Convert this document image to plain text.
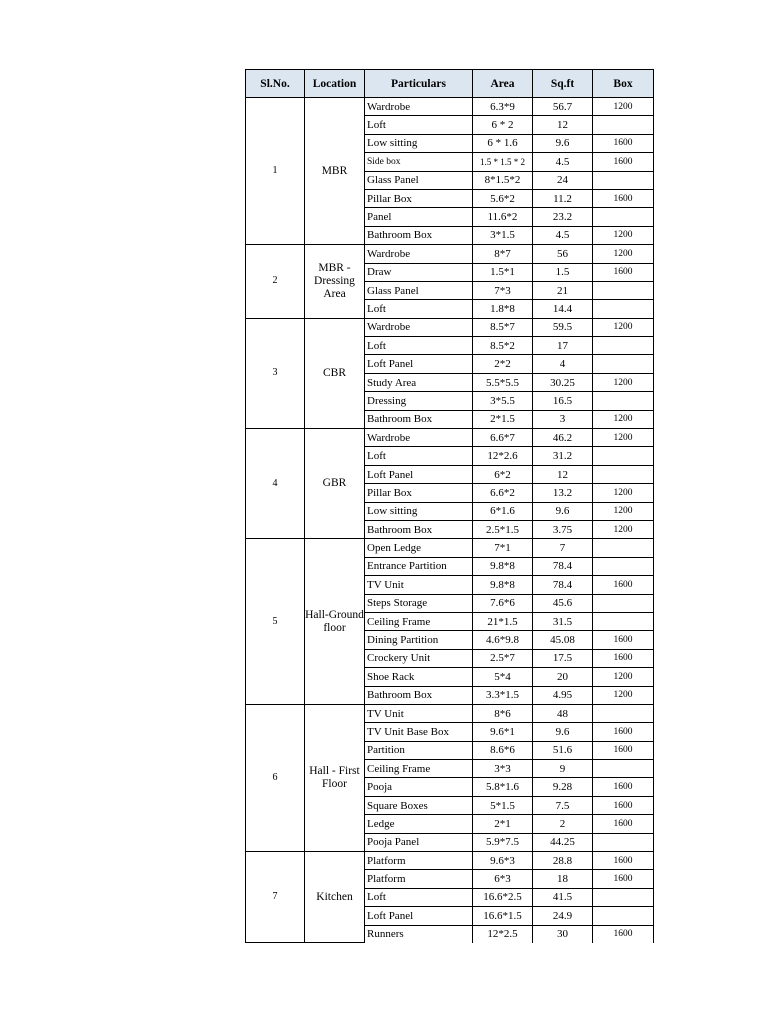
Sl.No.	Location	Particulars	Area	Sq.ft	Box
1	MBR	Wardrobe	6.3*9	56.7	1200
		Loft	6 * 2	12	
		Low sitting	6 * 1.6	9.6	1600
		Side box	1.5 * 1.5 * 2	4.5	1600
		Glass Panel	8*1.5*2	24	
		Pillar Box	5.6*2	11.2	1600
		Panel	11.6*2	23.2	
		Bathroom Box	3*1.5	4.5	1200
2	MBR - Dressing Area	Wardrobe	8*7	56	1200
		Draw	1.5*1	1.5	1600
		Glass Panel	7*3	21	
		Loft	1.8*8	14.4	
3	CBR	Wardrobe	8.5*7	59.5	1200
		Loft	8.5*2	17	
		Loft Panel	2*2	4	
		Study Area	5.5*5.5	30.25	1200
		Dressing	3*5.5	16.5	
		Bathroom Box	2*1.5	3	1200
4	GBR	Wardrobe	6.6*7	46.2	1200
		Loft	12*2.6	31.2	
		Loft Panel	6*2	12	
		Pillar Box	6.6*2	13.2	1200
		Low sitting	6*1.6	9.6	1200
		Bathroom Box	2.5*1.5	3.75	1200
5	Hall-Ground floor	Open Ledge	7*1	7	
		Entrance Partition	9.8*8	78.4	
		TV Unit	9.8*8	78.4	1600
		Steps Storage	7.6*6	45.6	
		Ceiling Frame	21*1.5	31.5	
		Dining Partition	4.6*9.8	45.08	1600
		Crockery Unit	2.5*7	17.5	1600
		Shoe Rack	5*4	20	1200
		Bathroom Box	3.3*1.5	4.95	1200
6	Hall - First Floor	TV Unit	8*6	48	
		TV Unit Base Box	9.6*1	9.6	1600
		Partition	8.6*6	51.6	1600
		Ceiling Frame	3*3	9	
		Pooja	5.8*1.6	9.28	1600
		Square Boxes	5*1.5	7.5	1600
		Ledge	2*1	2	1600
		Pooja Panel	5.9*7.5	44.25	
7	Kitchen	Platform	9.6*3	28.8	1600
		Platform	6*3	18	1600
		Loft	16.6*2.5	41.5	
		Loft Panel	16.6*1.5	24.9	
		Runners	12*2.5	30	1600
